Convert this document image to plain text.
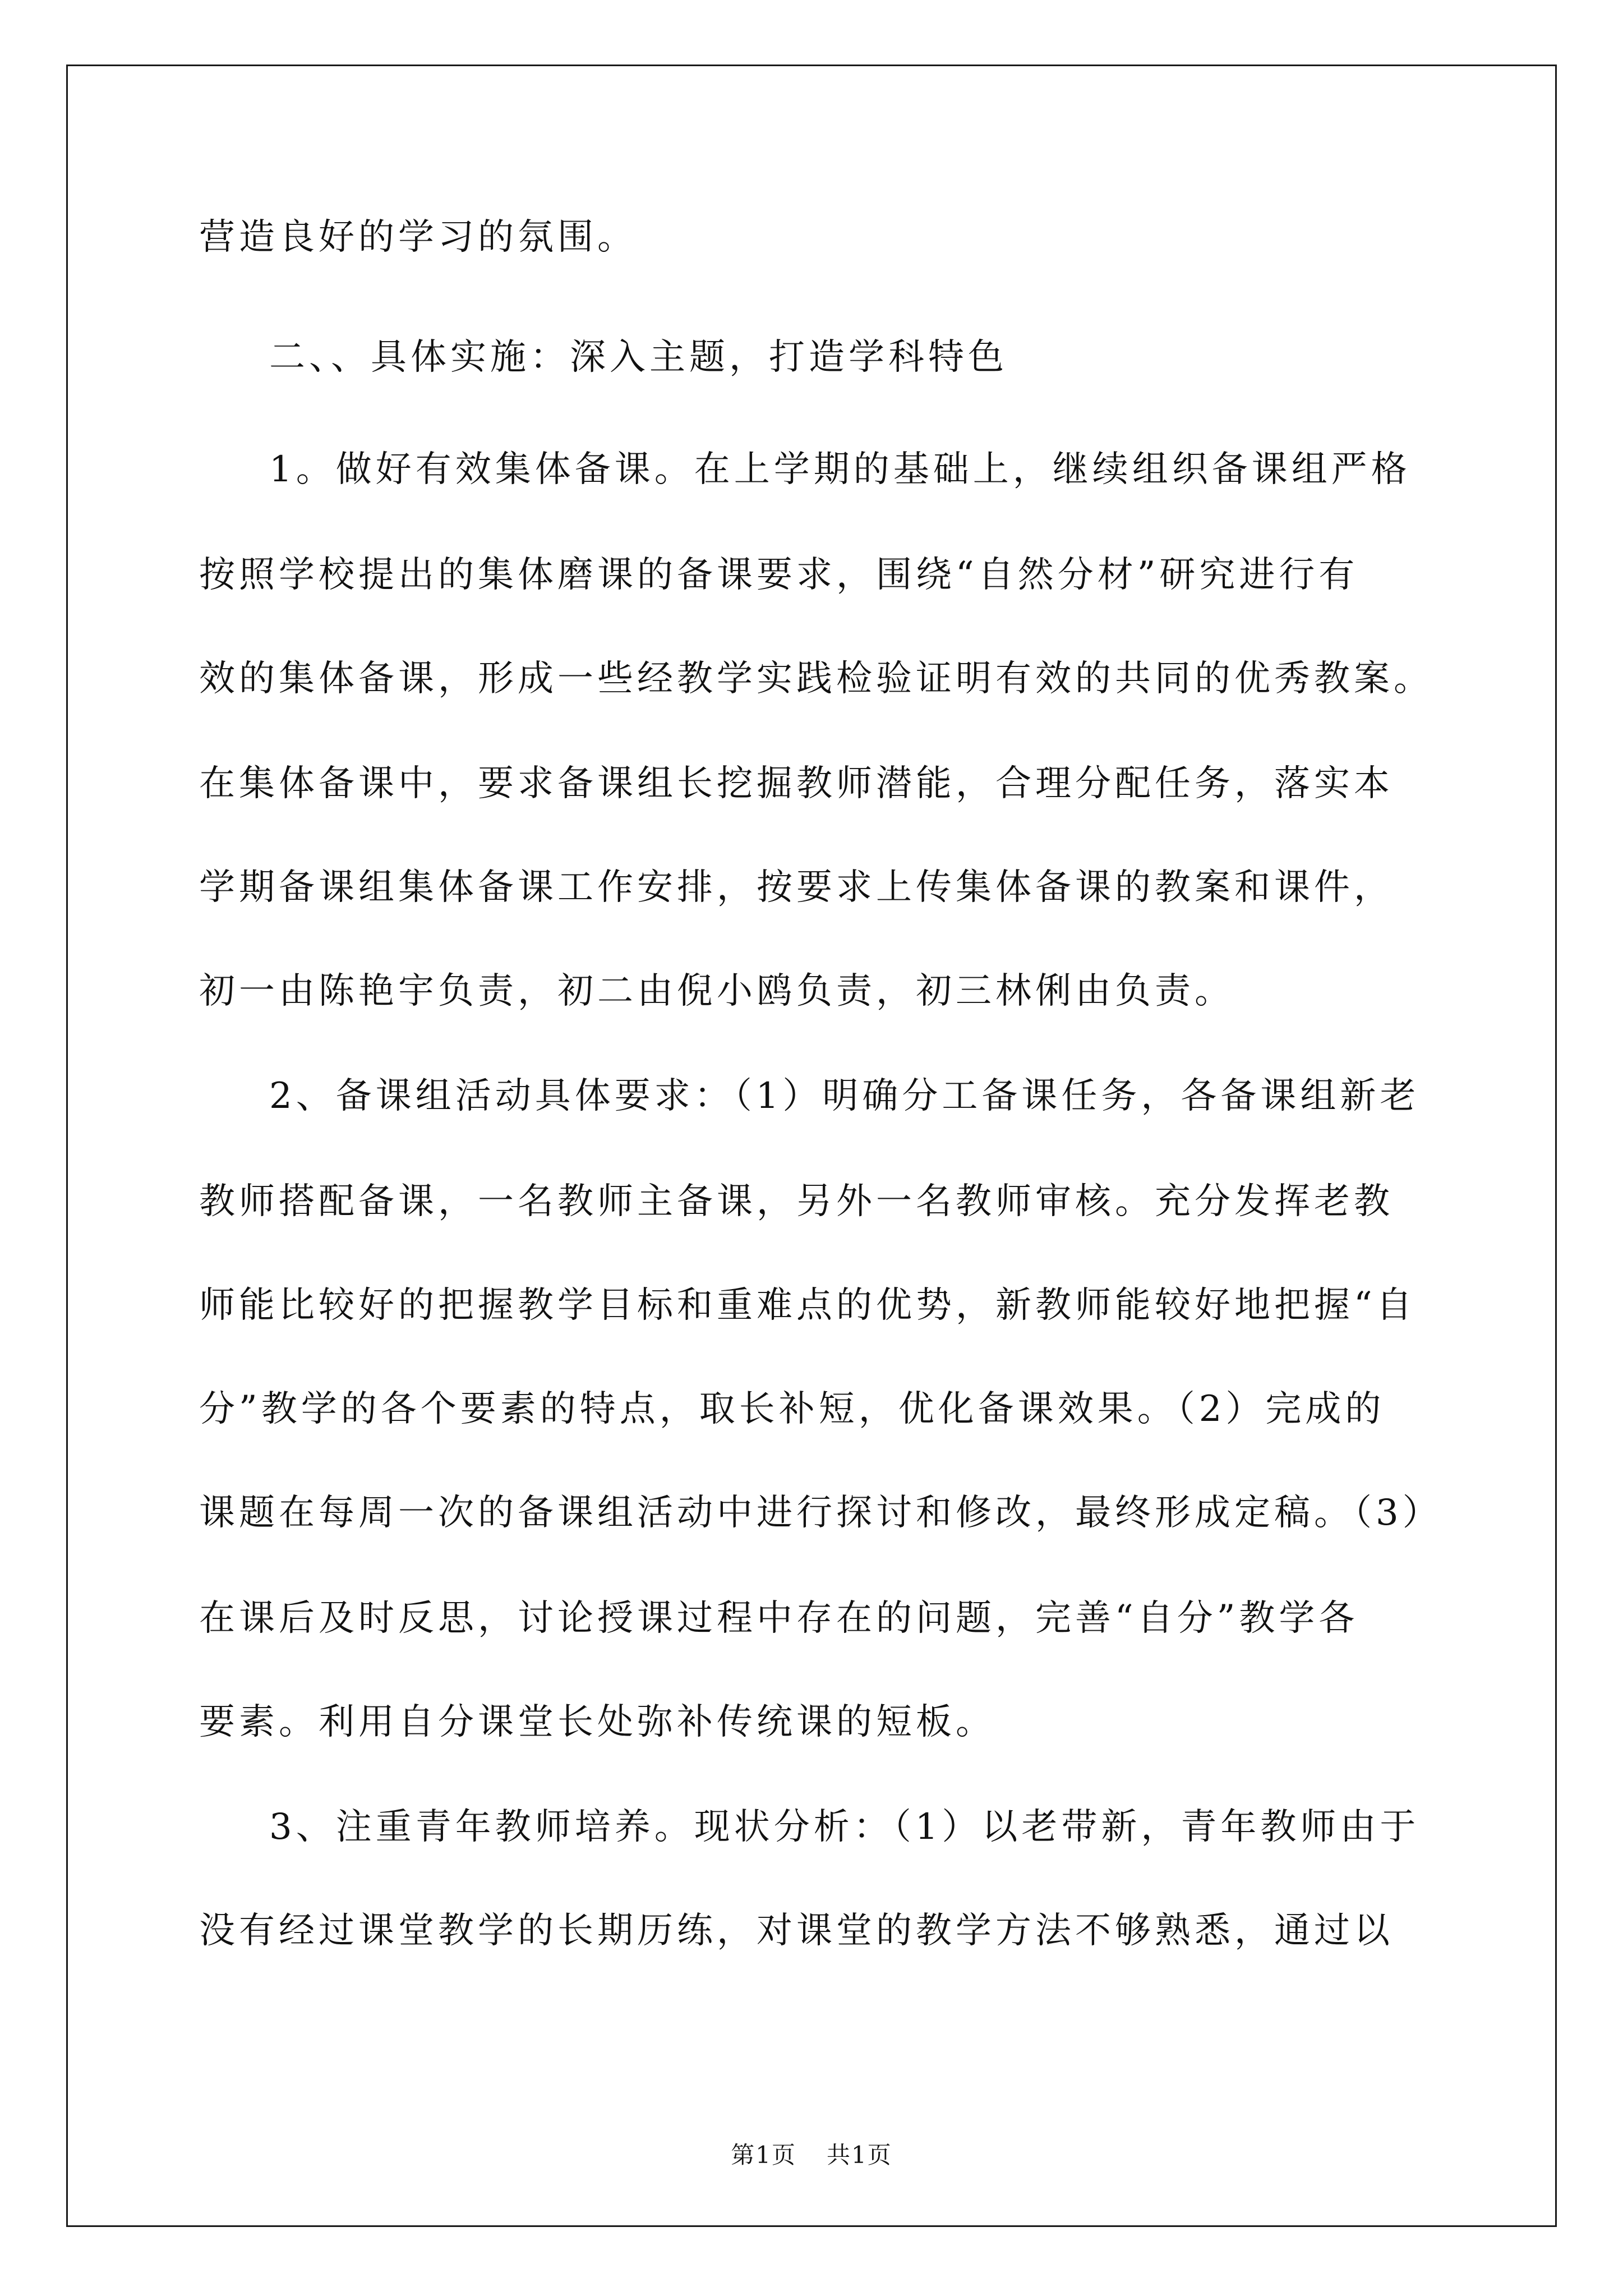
营造良好的学习的氛围。
二、、具体实施：深入主题，打造学科特色
1。做好有效集体备课。在上学期的基础上，继续组织备课组严格
按照学校提出的集体磨课的备课要求，围绕“自然分材”研究进行有
效的集体备课，形成一些经教学实践检验证明有效的共同的优秀教案。
在集体备课中，要求备课组长挖掘教师潜能，合理分配任务，落实本
学期备课组集体备课工作安排，按要求上传集体备课的教案和课件，
初一由陈艳宇负责，初二由倪小鸥负责，初三林俐由负责。
2、备课组活动具体要求：（1）明确分工备课任务，各备课组新老
教师搭配备课，一名教师主备课，另外一名教师审核。充分发挥老教
师能比较好的把握教学目标和重难点的优势，新教师能较好地把握“自
分”教学的各个要素的特点，取长补短，优化备课效果。（2）完成的
课题在每周一次的备课组活动中进行探讨和修改，最终形成定稿。（3）
在课后及时反思，讨论授课过程中存在的问题，完善“自分”教学各
要素。利用自分课堂长处弥补传统课的短板。
3、注重青年教师培养。现状分析：（1）以老带新，青年教师由于
没有经过课堂教学的长期历练，对课堂的教学方法不够熟悉，通过以
第1页 共1页
